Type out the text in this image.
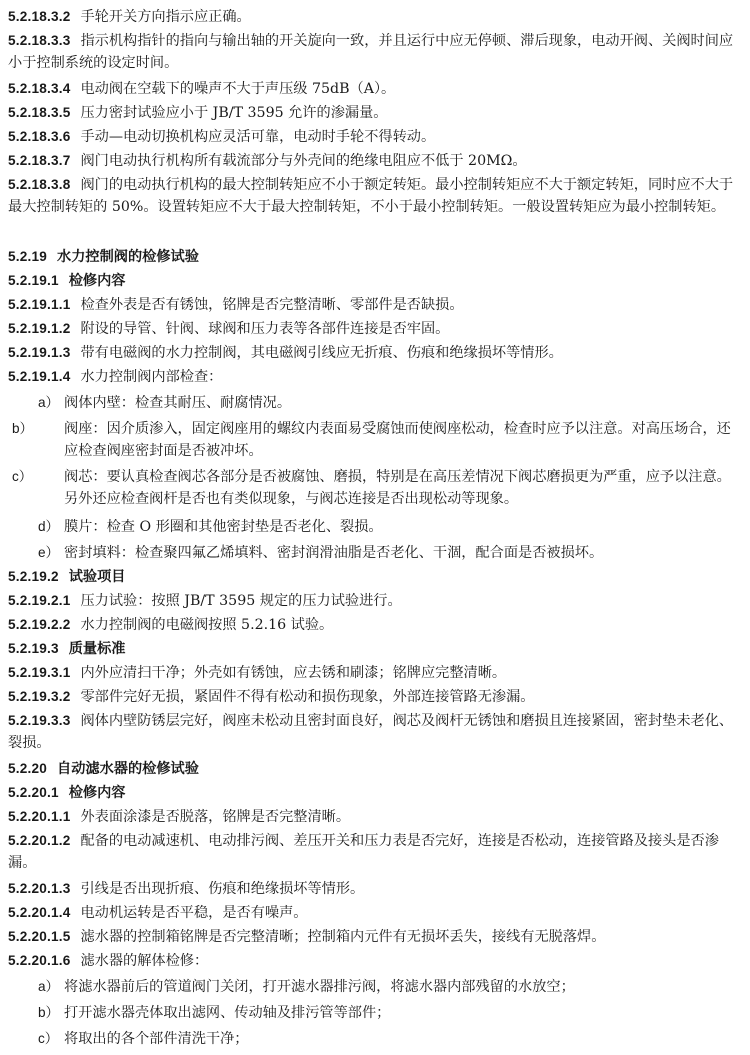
5.2.18.3.2 手轮开关方向指示应正确。
5.2.18.3.3 指示机构指针的指向与输出轴的开关旋向一致，并且运行中应无停顿、滞后现象，电动开阀、关阀时间应小于控制系统的设定时间。
5.2.18.3.4 电动阀在空载下的噪声不大于声压级 75dB（A）。
5.2.18.3.5 压力密封试验应小于 JB/T 3595 允许的渗漏量。
5.2.18.3.6 手动—电动切换机构应灵活可靠，电动时手轮不得转动。
5.2.18.3.7 阀门电动执行机构所有载流部分与外壳间的绝缘电阻应不低于 20MΩ。
5.2.18.3.8 阀门的电动执行机构的最大控制转矩应不小于额定转矩。最小控制转矩应不大于额定转矩，同时应不大于最大控制转矩的 50%。设置转矩应不大于最大控制转矩，不小于最小控制转矩。一般设置转矩应为最小控制转矩。
5.2.19 水力控制阀的检修试验
5.2.19.1 检修内容
5.2.19.1.1 检查外表是否有锈蚀，铭牌是否完整清晰、零部件是否缺损。
5.2.19.1.2 附设的导管、针阀、球阀和压力表等各部件连接是否牢固。
5.2.19.1.3 带有电磁阀的水力控制阀，其电磁阀引线应无折痕、伤痕和绝缘损坏等情形。
5.2.19.1.4 水力控制阀内部检查：
a） 阀体内壁：检查其耐压、耐腐情况。
b） 阀座：因介质渗入，固定阀座用的螺纹内表面易受腐蚀而使阀座松动，检查时应予以注意。对高压场合，还应检查阀座密封面是否被冲坏。
c） 阀芯：要认真检查阀芯各部分是否被腐蚀、磨损，特别是在高压差情况下阀芯磨损更为严重，应予以注意。另外还应检查阀杆是否也有类似现象，与阀芯连接是否出现松动等现象。
d） 膜片：检查 O 形圈和其他密封垫是否老化、裂损。
e） 密封填料：检查聚四氟乙烯填料、密封润滑油脂是否老化、干涸，配合面是否被损坏。
5.2.19.2 试验项目
5.2.19.2.1 压力试验：按照 JB/T 3595 规定的压力试验进行。
5.2.19.2.2 水力控制阀的电磁阀按照 5.2.16 试验。
5.2.19.3 质量标准
5.2.19.3.1 内外应清扫干净；外壳如有锈蚀，应去锈和刷漆；铭牌应完整清晰。
5.2.19.3.2 零部件完好无损，紧固件不得有松动和损伤现象，外部连接管路无渗漏。
5.2.19.3.3 阀体内壁防锈层完好，阀座未松动且密封面良好，阀芯及阀杆无锈蚀和磨损且连接紧固，密封垫未老化、裂损。
5.2.20 自动滤水器的检修试验
5.2.20.1 检修内容
5.2.20.1.1 外表面涂漆是否脱落，铭牌是否完整清晰。
5.2.20.1.2 配备的电动减速机、电动排污阀、差压开关和压力表是否完好，连接是否松动，连接管路及接头是否渗漏。
5.2.20.1.3 引线是否出现折痕、伤痕和绝缘损坏等情形。
5.2.20.1.4 电动机运转是否平稳，是否有噪声。
5.2.20.1.5 滤水器的控制箱铭牌是否完整清晰；控制箱内元件有无损坏丢失，接线有无脱落焊。
5.2.20.1.6 滤水器的解体检修：
a） 将滤水器前后的管道阀门关闭，打开滤水器排污阀，将滤水器内部残留的水放空；
b） 打开滤水器壳体取出滤网、传动轴及排污管等部件；
c） 将取出的各个部件清洗干净；
